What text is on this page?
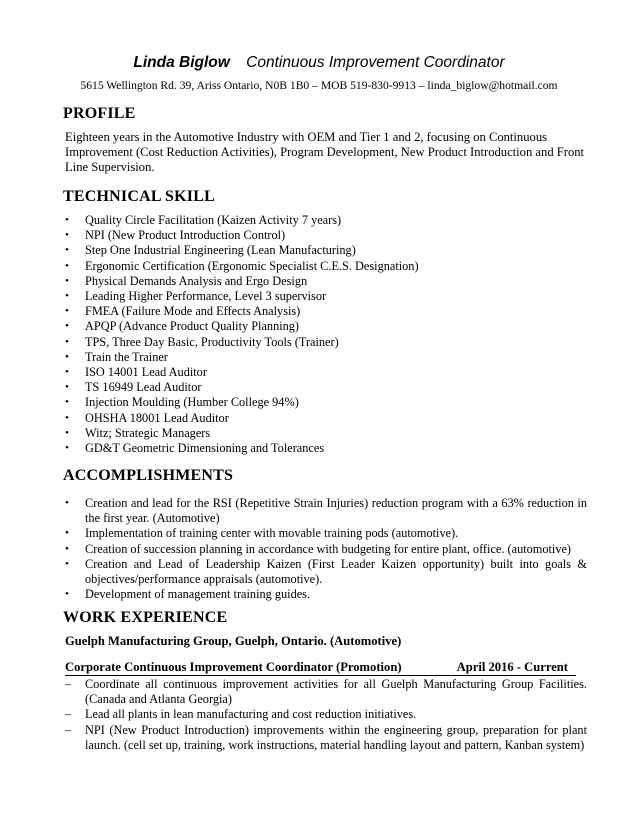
Linda Biglow Continuous Improvement Coordinator
5615 Wellington Rd. 39, Ariss Ontario, N0B 1B0 – MOB 519-830-9913 – linda_biglow@hotmail.com
PROFILE
Eighteen years in the Automotive Industry with OEM and Tier 1 and 2, focusing on Continuous Improvement (Cost Reduction Activities), Program Development, New Product Introduction and Front Line Supervision.
TECHNICAL SKILL
• Quality Circle Facilitation (Kaizen Activity 7 years)
• NPI (New Product Introduction Control)
• Step One Industrial Engineering (Lean Manufacturing)
• Ergonomic Certification (Ergonomic Specialist C.E.S. Designation)
• Physical Demands Analysis and Ergo Design
• Leading Higher Performance, Level 3 supervisor
• FMEA (Failure Mode and Effects Analysis)
• APQP (Advance Product Quality Planning)
• TPS, Three Day Basic, Productivity Tools (Trainer)
• Train the Trainer
• ISO 14001 Lead Auditor
• TS 16949 Lead Auditor
• Injection Moulding (Humber College 94%)
• OHSHA 18001 Lead Auditor
• Witz; Strategic Managers
• GD&T Geometric Dimensioning and Tolerances
ACCOMPLISHMENTS
• Creation and lead for the RSI (Repetitive Strain Injuries) reduction program with a 63% reduction in the first year. (Automotive)
• Implementation of training center with movable training pods (automotive).
• Creation of succession planning in accordance with budgeting for entire plant, office. (automotive)
• Creation and Lead of Leadership Kaizen (First Leader Kaizen opportunity) built into goals & objectives/performance appraisals (automotive).
• Development of management training guides.
WORK EXPERIENCE
Guelph Manufacturing Group, Guelph, Ontario. (Automotive)
Corporate Continuous Improvement Coordinator (Promotion)	April 2016 - Current
– Coordinate all continuous improvement activities for all Guelph Manufacturing Group Facilities. (Canada and Atlanta Georgia)
– Lead all plants in lean manufacturing and cost reduction initiatives.
– NPI (New Product Introduction) improvements within the engineering group, preparation for plant launch. (cell set up, training, work instructions, material handling layout and pattern, Kanban system)
